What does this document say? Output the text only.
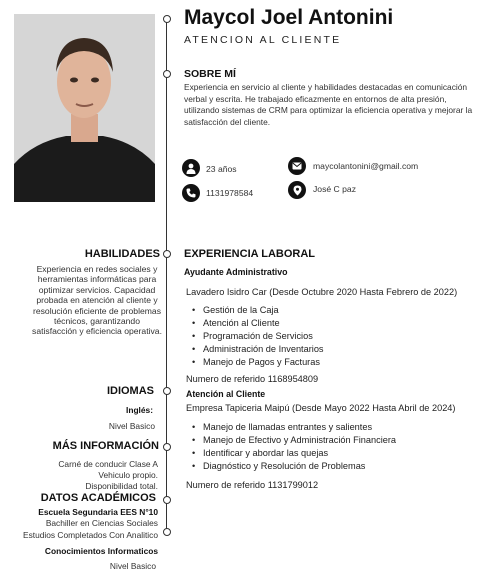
Maycol Joel Antonini
ATENCION AL CLIENTE
SOBRE MÍ
Experiencia en servicio al cliente y habilidades destacadas en comunicación verbal y escrita. He trabajado eficazmente en entornos de alta presión, utilizando sistemas de CRM para optimizar la eficiencia operativa y mejorar la satisfacción del cliente.
23 años
1131978584
maycolantonini@gmail.com
José C paz
HABILIDADES
Experiencia en redes sociales y herramientas informáticas para optimizar servicios. Capacidad probada en atención al cliente y resolución eficiente de problemas técnicos, garantizando satisfacción y eficiencia operativa.
IDIOMAS
Inglés:
Nivel Basico
MÁS INFORMACIÓN
Carné de conducir Clase A
Vehiculo propio.
Disponibilidad total.
DATOS ACADÉMICOS
Escuela Segundaria EES N°10
Bachiller en Ciencias Sociales
Estudios Completados Con Analitico
Conocimientos Informaticos
Nivel Basico
EXPERIENCIA LABORAL
Ayudante Administrativo
Lavadero Isidro Car (Desde Octubre 2020 Hasta Febrero de 2022)
• Gestión de la Caja
• Atención al Cliente
• Programación de Servicios
• Administración de Inventarios
• Manejo de Pagos y Facturas
Numero de referido 1168954809
Atención al Cliente
Empresa Tapiceria Maipú (Desde Mayo 2022 Hasta Abril de 2024)
• Manejo de llamadas entrantes y salientes
• Manejo de Efectivo y Administración Financiera
• Identificar y abordar las quejas
• Diagnóstico y Resolución de Problemas
Numero de referido 1131799012
